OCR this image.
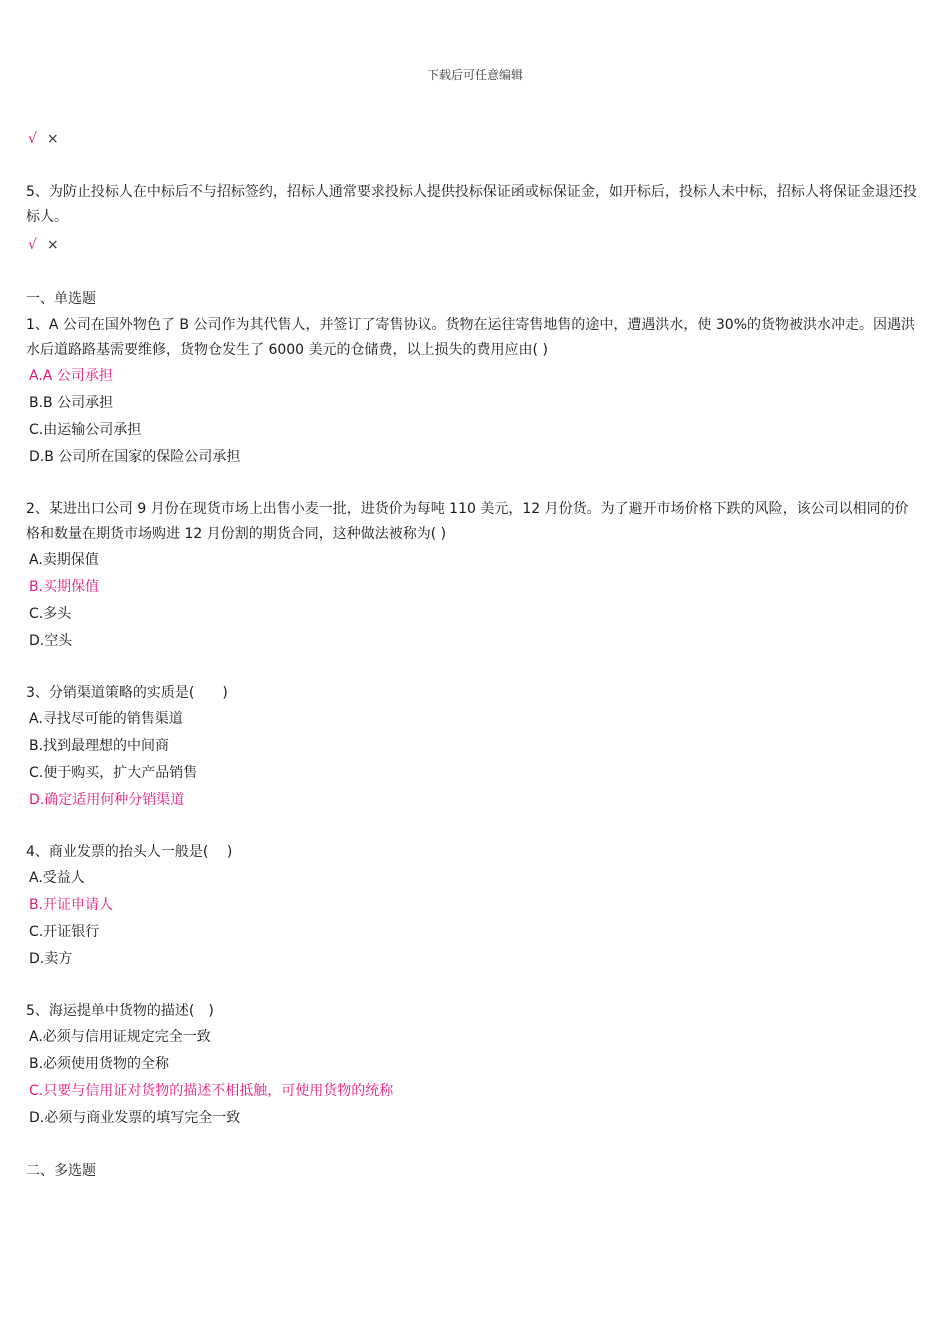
下载后可任意编辑
√ ×

5、为防止投标人在中标后不与招标签约，招标人通常要求投标人提供投标保证函或标保证金，如开标后，投标人未中标，招标人将保证金退还投标人。

√ ×
一、单选题

1、A 公司在国外物色了 B 公司作为其代售人，并签订了寄售协议。货物在运往寄售地售的途中，遭遇洪水，使 30%的货物被洪水冲走。因遇洪水后道路路基需要维修，货物仓发生了 6000 美元的仓储费，以上损失的费用应由( )

A.A 公司承担
B.B 公司承担
C.由运输公司承担
D.B 公司所在国家的保险公司承担

2、某进出口公司 9 月份在现货市场上出售小麦一批，进货价为每吨 110 美元，12 月份货。为了避开市场价格下跌的风险，该公司以相同的价格和数量在期货市场购进 12 月份割的期货合同，这种做法被称为( )

A.卖期保值
B.买期保值
C.多头
D.空头

3、分销渠道策略的实质是(　　)

A.寻找尽可能的销售渠道
B.找到最理想的中间商
C.便于购买，扩大产品销售
D.确定适用何种分销渠道

4、商业发票的抬头人一般是(　 )

A.受益人
B.开证申请人
C.开证银行
D.卖方

5、海运提单中货物的描述(　)

A.必须与信用证规定完全一致
B.必须使用货物的全称
C.只要与信用证对货物的描述不相抵触，可使用货物的统称
D.必须与商业发票的填写完全一致
二、多选题
